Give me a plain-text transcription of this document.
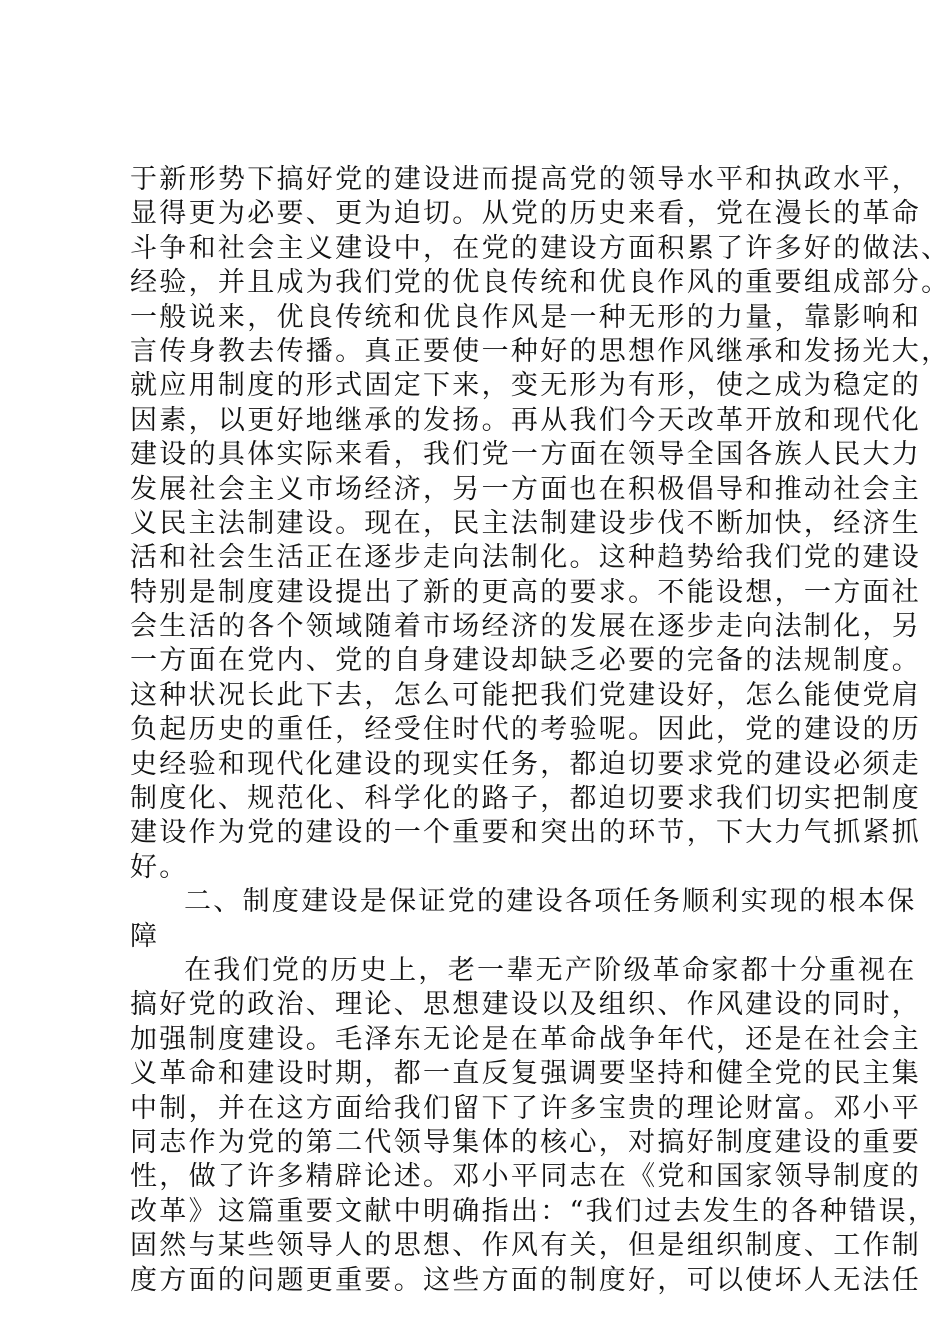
于新形势下搞好党的建设进而提高党的领导水平和执政水平，
显得更为必要、更为迫切。从党的历史来看，党在漫长的革命
斗争和社会主义建设中，在党的建设方面积累了许多好的做法、
经验，并且成为我们党的优良传统和优良作风的重要组成部分。
一般说来，优良传统和优良作风是一种无形的力量，靠影响和
言传身教去传播。真正要使一种好的思想作风继承和发扬光大，
就应用制度的形式固定下来，变无形为有形，使之成为稳定的
因素，以更好地继承的发扬。再从我们今天改革开放和现代化
建设的具体实际来看，我们党一方面在领导全国各族人民大力
发展社会主义市场经济，另一方面也在积极倡导和推动社会主
义民主法制建设。现在，民主法制建设步伐不断加快，经济生
活和社会生活正在逐步走向法制化。这种趋势给我们党的建设
特别是制度建设提出了新的更高的要求。不能设想，一方面社
会生活的各个领域随着市场经济的发展在逐步走向法制化，另
一方面在党内、党的自身建设却缺乏必要的完备的法规制度。
这种状况长此下去，怎么可能把我们党建设好，怎么能使党肩
负起历史的重任，经受住时代的考验呢。因此，党的建设的历
史经验和现代化建设的现实任务，都迫切要求党的建设必须走
制度化、规范化、科学化的路子，都迫切要求我们切实把制度
建设作为党的建设的一个重要和突出的环节，下大力气抓紧抓
好。
二、制度建设是保证党的建设各项任务顺利实现的根本保
障
在我们党的历史上，老一辈无产阶级革命家都十分重视在
搞好党的政治、理论、思想建设以及组织、作风建设的同时，
加强制度建设。毛泽东无论是在革命战争年代，还是在社会主
义革命和建设时期，都一直反复强调要坚持和健全党的民主集
中制，并在这方面给我们留下了许多宝贵的理论财富。邓小平
同志作为党的第二代领导集体的核心，对搞好制度建设的重要
性，做了许多精辟论述。邓小平同志在《党和国家领导制度的
改革》这篇重要文献中明确指出：“我们过去发生的各种错误，
固然与某些领导人的思想、作风有关，但是组织制度、工作制
度方面的问题更重要。这些方面的制度好，可以使坏人无法任
